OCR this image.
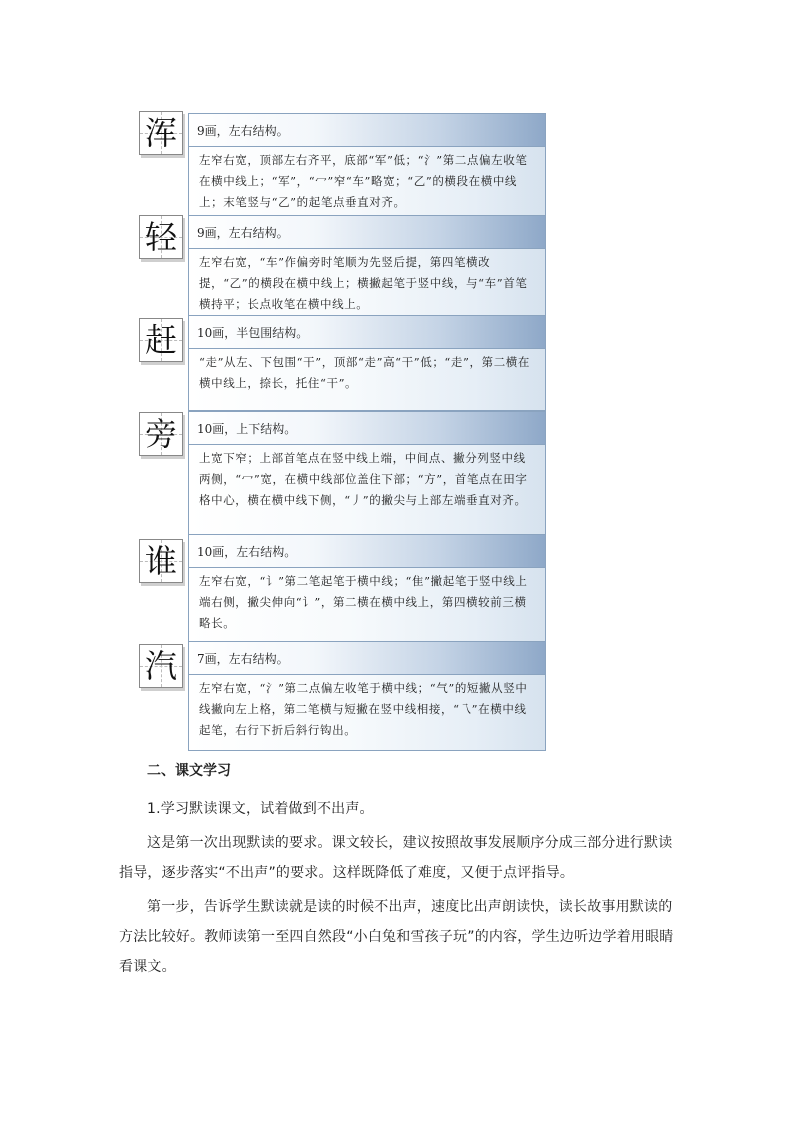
浑	9画，左右结构。
左窄右宽，顶部左右齐平，底部“军”低；“氵”第二点偏左收笔在横中线上；“军”，“冖”窄“车”略宽；“乙”的横段在横中线上；末笔竖与“乙”的起笔点垂直对齐。
轻	9画，左右结构。
左窄右宽，“车”作偏旁时笔顺为先竖后提，第四笔横改提，“乙”的横段在横中线上；横撇起笔于竖中线，与“车”首笔横持平；长点收笔在横中线上。
赶	10画，半包围结构。
“走”从左、下包围“干”，顶部“走”高“干”低；“走”，第二横在横中线上，捺长，托住“干”。
旁	10画，上下结构。
上宽下窄；上部首笔点在竖中线上端，中间点、撇分列竖中线两侧，“冖”宽，在横中线部位盖住下部；“方”，首笔点在田字格中心，横在横中线下侧，“丿”的撇尖与上部左端垂直对齐。
谁	10画，左右结构。
左窄右宽，“讠”第二笔起笔于横中线；“隹”撇起笔于竖中线上端右侧，撇尖伸向“讠”，第二横在横中线上，第四横较前三横略长。
汽	7画，左右结构。
左窄右宽，“氵”第二点偏左收笔于横中线；“气”的短撇从竖中线撇向左上格，第二笔横与短撇在竖中线相接，“乁”在横中线起笔，右行下折后斜行钩出。
二、课文学习

1.学习默读课文，试着做到不出声。

这是第一次出现默读的要求。课文较长，建议按照故事发展顺序分成三部分进行默读指导，逐步落实“不出声”的要求。这样既降低了难度，又便于点评指导。

第一步，告诉学生默读就是读的时候不出声，速度比出声朗读快，读长故事用默读的方法比较好。教师读第一至四自然段“小白兔和雪孩子玩”的内容，学生边听边学着用眼睛看课文。
